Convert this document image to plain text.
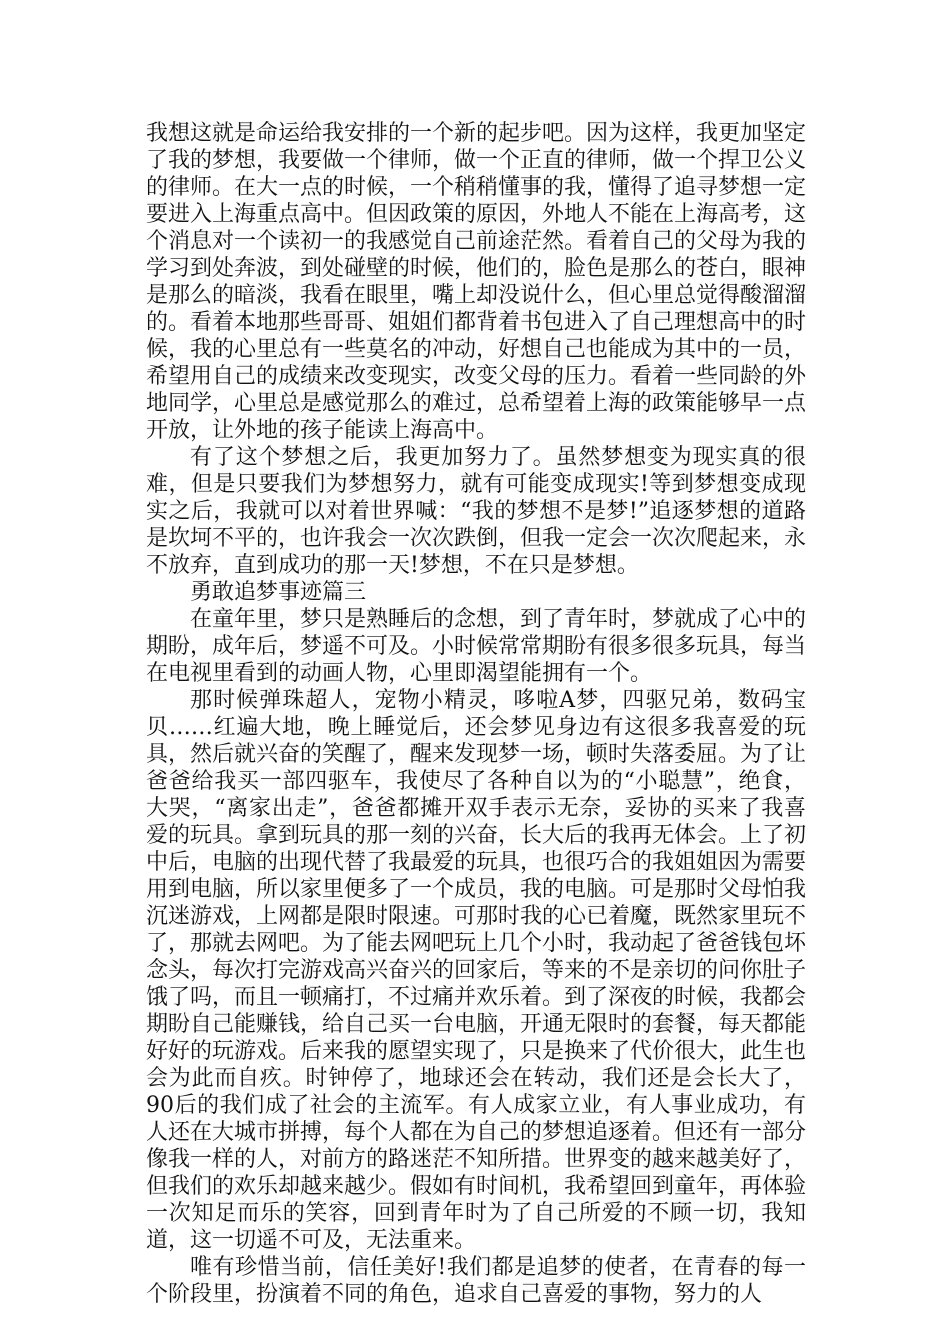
我想这就是命运给我安排的一个新的起步吧。因为这样，我更加坚定了我的梦想，我要做一个律师，做一个正直的律师，做一个捍卫公义的律师。在大一点的时候，一个稍稍懂事的我，懂得了追寻梦想一定要进入上海重点高中。但因政策的原因，外地人不能在上海高考，这个消息对一个读初一的我感觉自己前途茫然。看着自己的父母为我的学习到处奔波，到处碰壁的时候，他们的，脸色是那么的苍白，眼神是那么的暗淡，我看在眼里，嘴上却没说什么，但心里总觉得酸溜溜的。看着本地那些哥哥、姐姐们都背着书包进入了自己理想高中的时候，我的心里总有一些莫名的冲动，好想自己也能成为其中的一员，希望用自己的成绩来改变现实，改变父母的压力。看着一些同龄的外地同学，心里总是感觉那么的难过，总希望着上海的政策能够早一点开放，让外地的孩子能读上海高中。

有了这个梦想之后，我更加努力了。虽然梦想变为现实真的很难，但是只要我们为梦想努力，就有可能变成现实!等到梦想变成现实之后，我就可以对着世界喊：“我的梦想不是梦!”追逐梦想的道路是坎坷不平的，也许我会一次次跌倒，但我一定会一次次爬起来，永不放弃，直到成功的那一天!梦想，不在只是梦想。

勇敢追梦事迹篇三

在童年里，梦只是熟睡后的念想，到了青年时，梦就成了心中的期盼，成年后，梦遥不可及。小时候常常期盼有很多很多玩具，每当在电视里看到的动画人物，心里即渴望能拥有一个。

那时候弹珠超人，宠物小精灵，哆啦A梦，四驱兄弟，数码宝贝……红遍大地，晚上睡觉后，还会梦见身边有这很多我喜爱的玩具，然后就兴奋的笑醒了，醒来发现梦一场，顿时失落委屈。为了让爸爸给我买一部四驱车，我使尽了各种自以为的“小聪慧”，绝食，大哭，“离家出走”，爸爸都摊开双手表示无奈，妥协的买来了我喜爱的玩具。拿到玩具的那一刻的兴奋，长大后的我再无体会。上了初中后，电脑的出现代替了我最爱的玩具，也很巧合的我姐姐因为需要用到电脑，所以家里便多了一个成员，我的电脑。可是那时父母怕我沉迷游戏，上网都是限时限速。可那时我的心已着魔，既然家里玩不了，那就去网吧。为了能去网吧玩上几个小时，我动起了爸爸钱包坏念头，每次打完游戏高兴奋兴的回家后，等来的不是亲切的问你肚子饿了吗，而且一顿痛打，不过痛并欢乐着。到了深夜的时候，我都会期盼自己能赚钱，给自己买一台电脑，开通无限时的套餐，每天都能好好的玩游戏。后来我的愿望实现了，只是换来了代价很大，此生也会为此而自疚。时钟停了，地球还会在转动，我们还是会长大了，90后的我们成了社会的主流军。有人成家立业，有人事业成功，有人还在大城市拼搏，每个人都在为自己的梦想追逐着。但还有一部分像我一样的人，对前方的路迷茫不知所措。世界变的越来越美好了，但我们的欢乐却越来越少。假如有时间机，我希望回到童年，再体验一次知足而乐的笑容，回到青年时为了自己所爱的不顾一切，我知道，这一切遥不可及，无法重来。

唯有珍惜当前，信任美好!我们都是追梦的使者，在青春的每一个阶段里，扮演着不同的角色，追求自己喜爱的事物，努力的人
